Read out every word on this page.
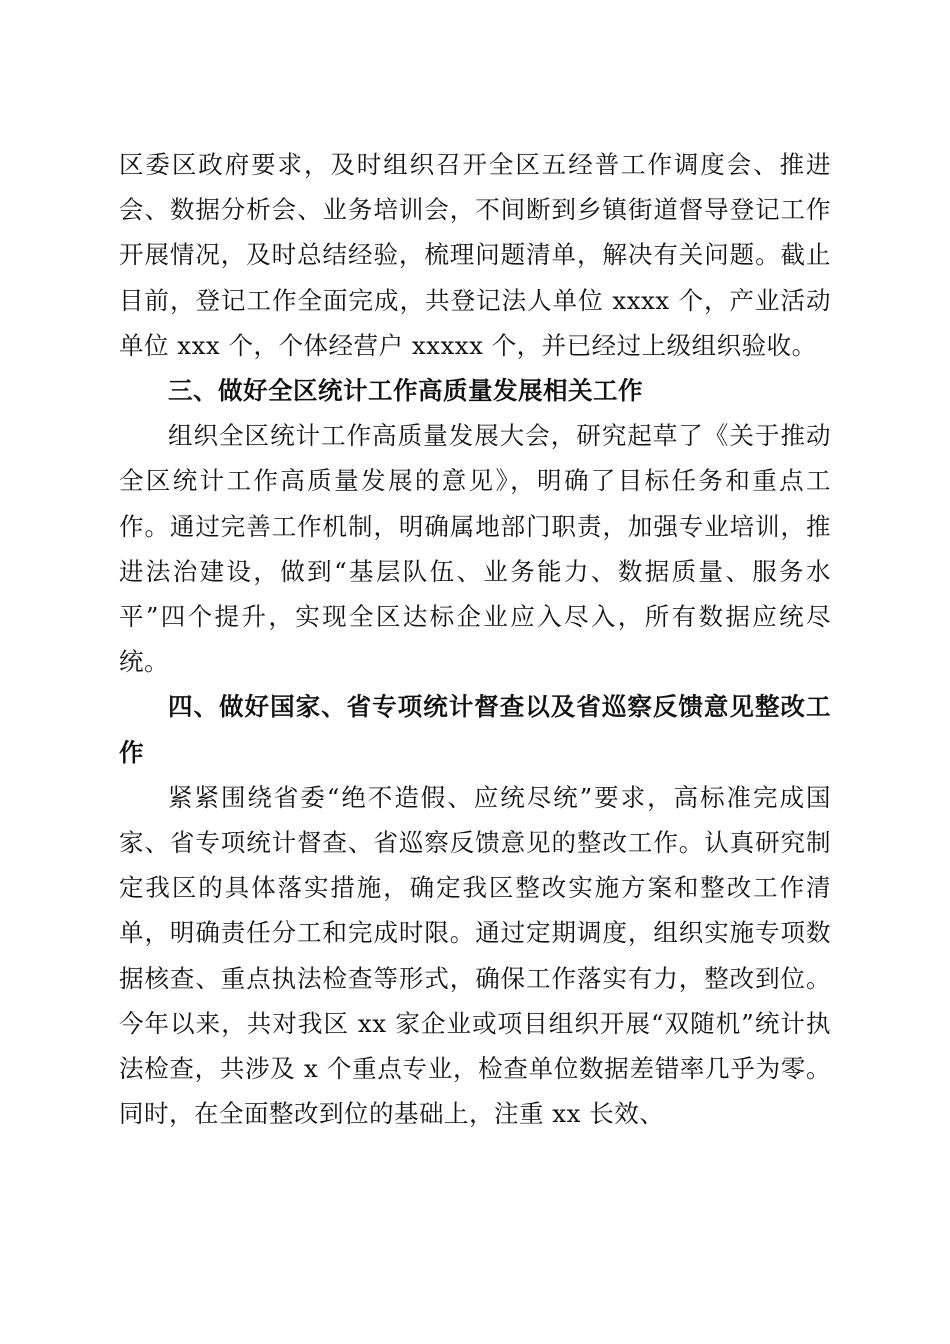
区委区政府要求，及时组织召开全区五经普工作调度会、推进会、数据分析会、业务培训会，不间断到乡镇街道督导登记工作开展情况，及时总结经验，梳理问题清单，解决有关问题。截止目前，登记工作全面完成，共登记法人单位 xxxx 个，产业活动单位 xxx 个，个体经营户 xxxxx 个，并已经过上级组织验收。

三、做好全区统计工作高质量发展相关工作

组织全区统计工作高质量发展大会，研究起草了《关于推动全区统计工作高质量发展的意见》，明确了目标任务和重点工作。通过完善工作机制，明确属地部门职责，加强专业培训，推进法治建设，做到“基层队伍、业务能力、数据质量、服务水平”四个提升，实现全区达标企业应入尽入，所有数据应统尽统。

四、做好国家、省专项统计督查以及省巡察反馈意见整改工作

紧紧围绕省委“绝不造假、应统尽统”要求，高标准完成国家、省专项统计督查、省巡察反馈意见的整改工作。认真研究制定我区的具体落实措施，确定我区整改实施方案和整改工作清单，明确责任分工和完成时限。通过定期调度，组织实施专项数据核查、重点执法检查等形式，确保工作落实有力，整改到位。今年以来，共对我区 xx 家企业或项目组织开展“双随机”统计执法检查，共涉及 x 个重点专业，检查单位数据差错率几乎为零。同时，在全面整改到位的基础上，注重 xx 长效、
